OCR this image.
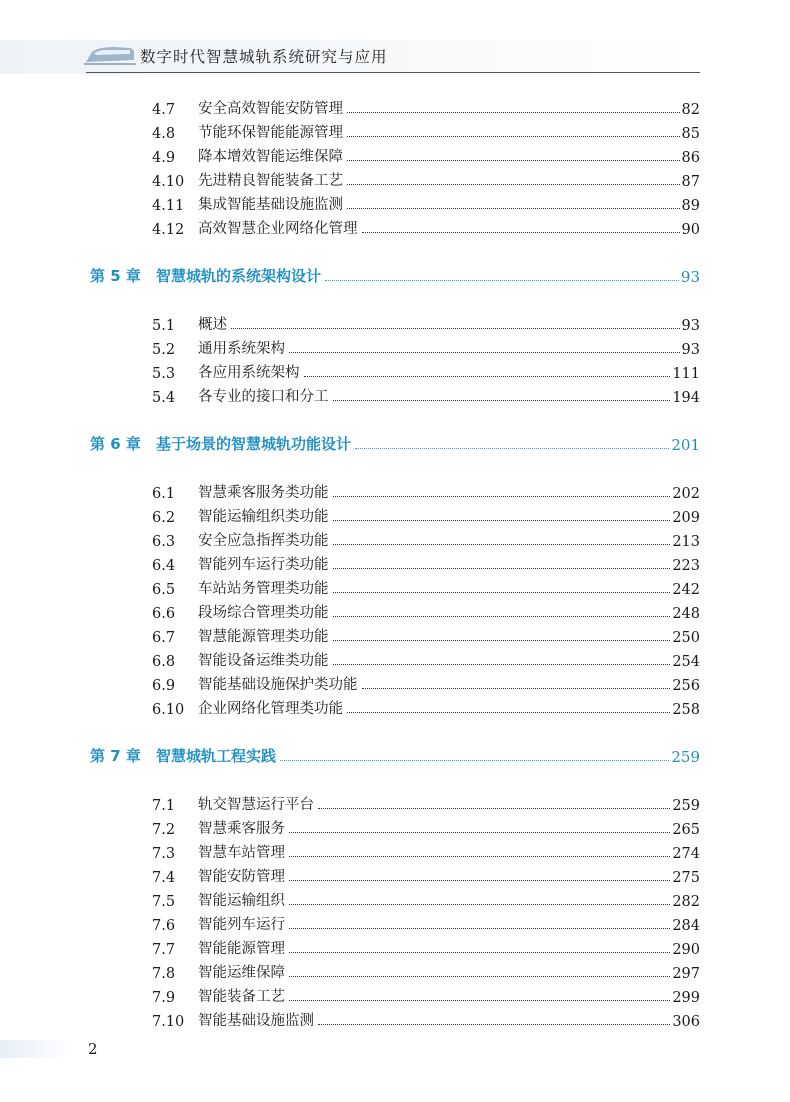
数字时代智慧城轨系统研究与应用
4.7	安全高效智能安防管理	82
4.8	节能环保智能能源管理	85
4.9	降本增效智能运维保障	86
4.10 先进精良智能装备工艺	87
4.11 集成智能基础设施监测	89
4.12 高效智慧企业网络化管理	90
第 5 章	智慧城轨的系统架构设计	93
5.1	概述	93
5.2	通用系统架构	93
5.3	各应用系统架构	111
5.4	各专业的接口和分工	194
第 6 章	基于场景的智慧城轨功能设计	201
6.1	智慧乘客服务类功能	202
6.2	智能运输组织类功能	209
6.3	安全应急指挥类功能	213
6.4	智能列车运行类功能	223
6.5	车站站务管理类功能	242
6.6	段场综合管理类功能	248
6.7	智慧能源管理类功能	250
6.8	智能设备运维类功能	254
6.9	智能基础设施保护类功能	256
6.10 企业网络化管理类功能	258
第 7 章	智慧城轨工程实践	259
7.1	轨交智慧运行平台	259
7.2	智慧乘客服务	265
7.3	智慧车站管理	274
7.4	智能安防管理	275
7.5	智能运输组织	282
7.6	智能列车运行	284
7.7	智能能源管理	290
7.8	智能运维保障	297
7.9	智能装备工艺	299
7.10 智能基础设施监测	306
2
